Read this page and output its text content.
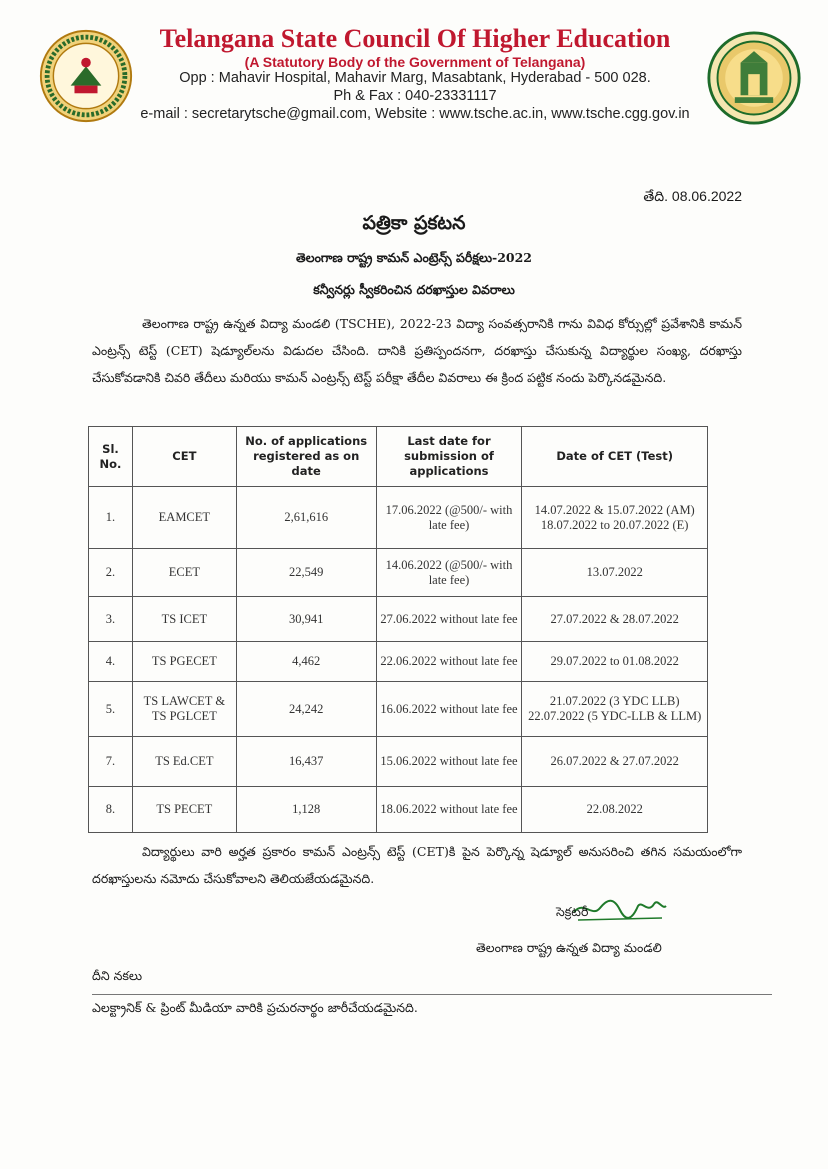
Telangana State Council Of Higher Education
(A Statutory Body of the Government of Telangana)
Opp : Mahavir Hospital, Mahavir Marg, Masabtank, Hyderabad - 500 028.
Ph & Fax : 040-23331117
e-mail : secretarytsche@gmail.com, Website : www.tsche.ac.in, www.tsche.cgg.gov.in
తేది. 08.06.2022
పత్రికా ప్రకటన
తెలంగాణ రాష్ట్ర కామన్ ఎంట్రెన్స్ పరీక్షలు-2022
కన్వీనర్లు స్వీకరించిన దరఖాస్తుల వివరాలు
తెలంగాణ రాష్ట్ర ఉన్నత విద్యా మండలి (TSCHE), 2022-23 విద్యా సంవత్సరానికి గాను వివిధ కోర్సుల్లో ప్రవేశానికి కామన్ ఎంట్రన్స్ టెస్ట్ (CET) షెడ్యూల్‌లను విడుదల చేసింది. దానికి ప్రతిస్పందనగా, దరఖాస్తు చేసుకున్న విద్యార్థుల సంఖ్య, దరఖాస్తు చేసుకోవడానికి చివరి తేదీలు మరియు కామన్ ఎంట్రన్స్ టెస్ట్ పరీక్షా తేదీల వివరాలు ఈ క్రింద పట్టిక నందు పెర్కొనడమైనది.
Sl. No.	CET	No. of applications registered as on date	Last date for submission of applications	Date of CET (Test)
1.	EAMCET	2,61,616	17.06.2022 (@500/- with late fee)	14.07.2022 & 15.07.2022 (AM) 18.07.2022 to 20.07.2022 (E)
2.	ECET	22,549	14.06.2022 (@500/- with late fee)	13.07.2022
3.	TS ICET	30,941	27.06.2022 without late fee	27.07.2022 & 28.07.2022
4.	TS PGECET	4,462	22.06.2022 without late fee	29.07.2022 to 01.08.2022
5.	TS LAWCET & TS PGLCET	24,242	16.06.2022 without late fee	21.07.2022 (3 YDC LLB) 22.07.2022 (5 YDC-LLB & LLM)
7.	TS Ed.CET	16,437	15.06.2022 without late fee	26.07.2022 & 27.07.2022
8.	TS PECET	1,128	18.06.2022 without late fee	22.08.2022
విద్యార్థులు వారి అర్హత ప్రకారం కామన్ ఎంట్రన్స్ టెస్ట్ (CET)కి పైన పెర్కొన్న షెడ్యూల్ అనుసరించి తగిన సమయంలోగా దరఖాస్తులను నమోదు చేసుకోవాలని తెలియజేయడమైనది.
సెక్రటరీ
తెలంగాణ రాష్ట్ర ఉన్నత విద్యా మండలి
దీని నకలు
ఎలక్ట్రానిక్ & ప్రింట్ మీడియా వారికి ప్రచురనార్థం జారీచేయడమైనది.
